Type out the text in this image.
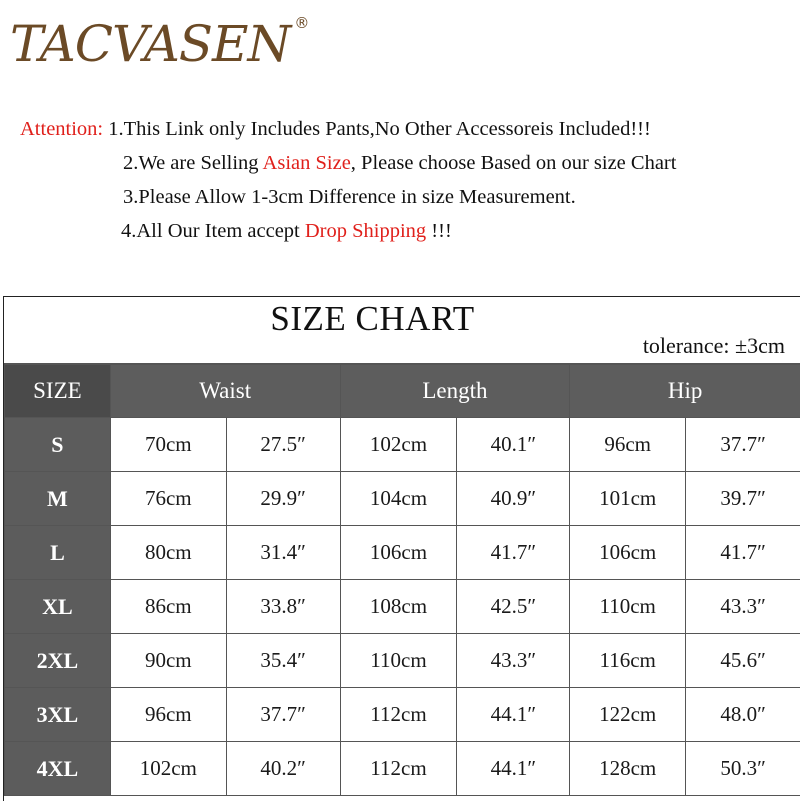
TACVASEN ®
Attention: 1.This Link only Includes Pants,No Other Accessoreis Included!!!
2.We are Selling Asian Size, Please choose Based on our size Chart
3.Please Allow 1-3cm Difference in size Measurement.
4.All Our Item accept Drop Shipping !!!
SIZE CHART
tolerance: ±3cm
SIZE	Waist		Length		Hip	
S	70cm	27.5″	102cm	40.1″	96cm	37.7″
M	76cm	29.9″	104cm	40.9″	101cm	39.7″
L	80cm	31.4″	106cm	41.7″	106cm	41.7″
XL	86cm	33.8″	108cm	42.5″	110cm	43.3″
2XL	90cm	35.4″	110cm	43.3″	116cm	45.6″
3XL	96cm	37.7″	112cm	44.1″	122cm	48.0″
4XL	102cm	40.2″	112cm	44.1″	128cm	50.3″
